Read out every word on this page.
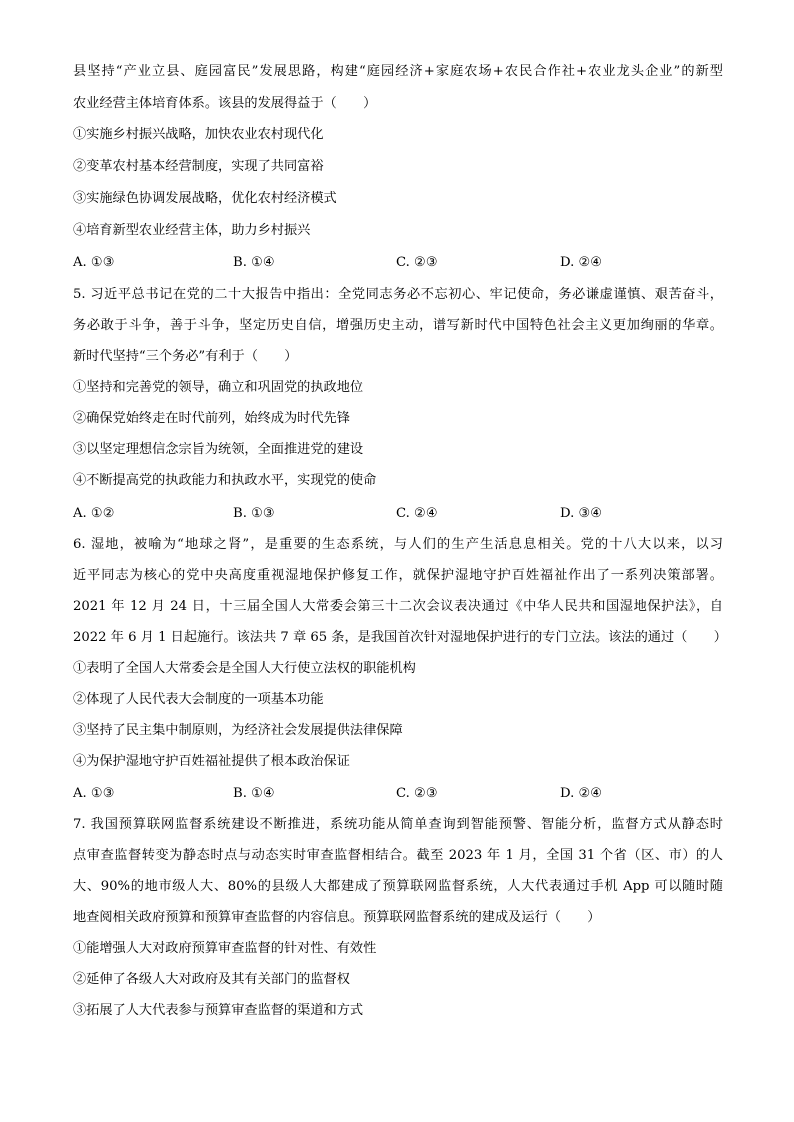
县坚持“产业立县、庭园富民”发展思路，构建“庭园经济+家庭农场+农民合作社+农业龙头企业”的新型
农业经营主体培育体系。该县的发展得益于（　　）
①实施乡村振兴战略，加快农业农村现代化
②变革农村基本经营制度，实现了共同富裕
③实施绿色协调发展战略，优化农村经济模式
④培育新型农业经营主体，助力乡村振兴
A. ①③	B. ①④	C. ②③	D. ②④
5. 习近平总书记在党的二十大报告中指出：全党同志务必不忘初心、牢记使命，务必谦虚谨慎、艰苦奋斗，
务必敢于斗争，善于斗争，坚定历史自信，增强历史主动，谱写新时代中国特色社会主义更加绚丽的华章。
新时代坚持“三个务必”有利于（　　）
①坚持和完善党的领导，确立和巩固党的执政地位
②确保党始终走在时代前列，始终成为时代先锋
③以坚定理想信念宗旨为统领，全面推进党的建设
④不断提高党的执政能力和执政水平，实现党的使命
A. ①②	B. ①③	C. ②④	D. ③④
6. 湿地，被喻为“地球之肾”，是重要的生态系统，与人们的生产生活息息相关。党的十八大以来，以习
近平同志为核心的党中央高度重视湿地保护修复工作，就保护湿地守护百姓福祉作出了一系列决策部署。
2021 年 12 月 24 日，十三届全国人大常委会第三十二次会议表决通过《中华人民共和国湿地保护法》，自
2022 年 6 月 1 日起施行。该法共 7 章 65 条，是我国首次针对湿地保护进行的专门立法。该法的通过（　　）
①表明了全国人大常委会是全国人大行使立法权的职能机构
②体现了人民代表大会制度的一项基本功能
③坚持了民主集中制原则，为经济社会发展提供法律保障
④为保护湿地守护百姓福祉提供了根本政治保证
A. ①③	B. ①④	C. ②③	D. ②④
7. 我国预算联网监督系统建设不断推进，系统功能从简单查询到智能预警、智能分析，监督方式从静态时
点审查监督转变为静态时点与动态实时审查监督相结合。截至 2023 年 1 月，全国 31 个省（区、市）的人
大、90%的地市级人大、80%的县级人大都建成了预算联网监督系统，人大代表通过手机 App 可以随时随
地查阅相关政府预算和预算审查监督的内容信息。预算联网监督系统的建成及运行（　　）
①能增强人大对政府预算审查监督的针对性、有效性
②延伸了各级人大对政府及其有关部门的监督权
③拓展了人大代表参与预算审查监督的渠道和方式
